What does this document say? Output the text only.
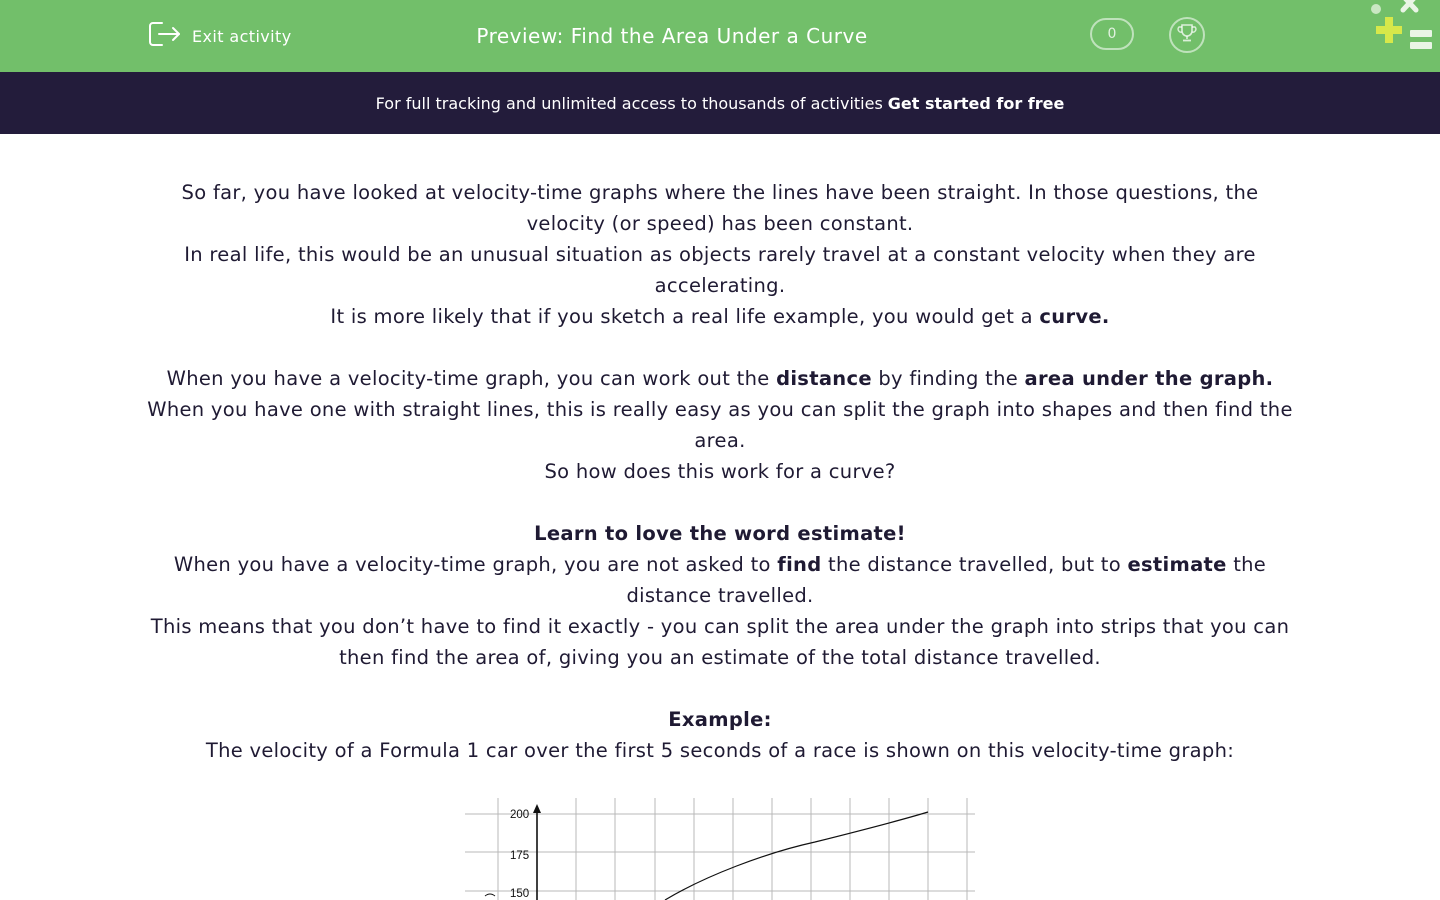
Exit activity	Preview: Find the Area Under a Curve	0
For full tracking and unlimited access to thousands of activities Get started for free

So far, you have looked at velocity-time graphs where the lines have been straight. In those questions, the velocity (or speed) has been constant.

In real life, this would be an unusual situation as objects rarely travel at a constant velocity when they are accelerating.

It is more likely that if you sketch a real life example, you would get a curve.

When you have a velocity-time graph, you can work out the distance by finding the area under the graph.

When you have one with straight lines, this is really easy as you can split the graph into shapes and then find the area.

So how does this work for a curve?

Learn to love the word estimate!

When you have a velocity-time graph, you are not asked to find the distance travelled, but to estimate the distance travelled.

This means that you don’t have to find it exactly - you can split the area under the graph into strips that you can then find the area of, giving you an estimate of the total distance travelled.

Example:

The velocity of a Formula 1 car over the first 5 seconds of a race is shown on this velocity-time graph:

200
175
150
